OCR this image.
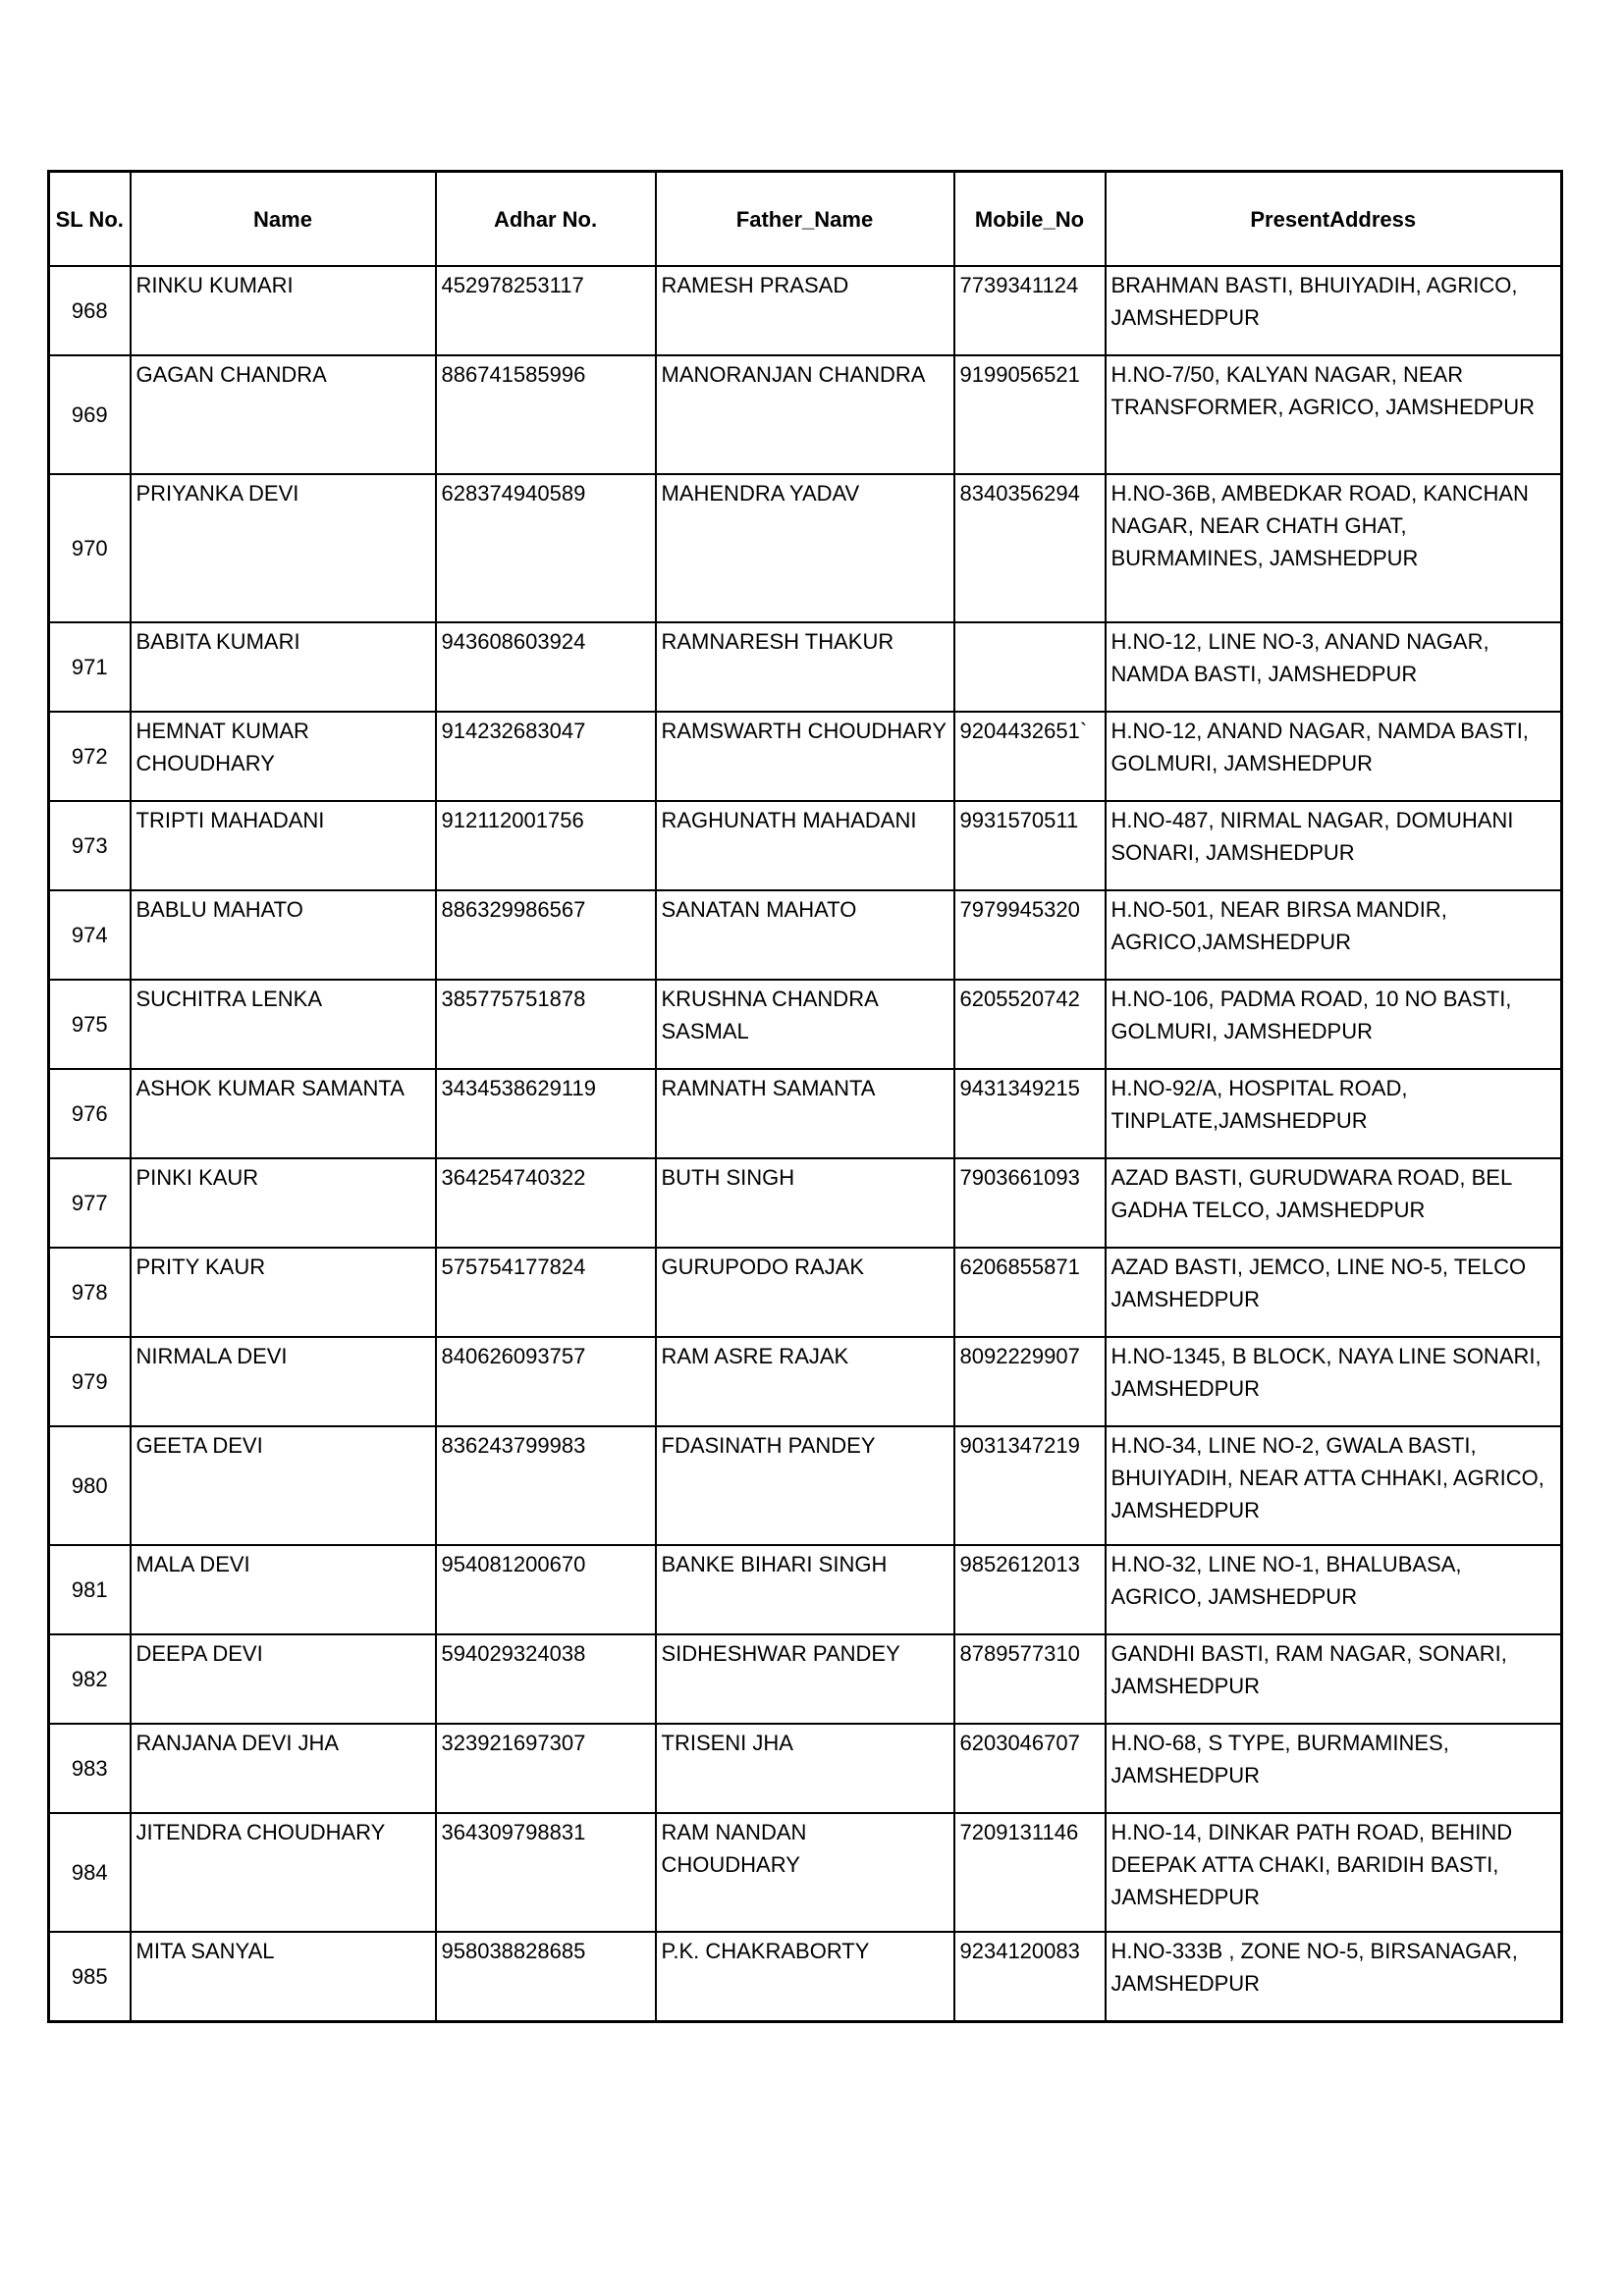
SL No.	Name	Adhar No.	Father_Name	Mobile_No	PresentAddress
968	RINKU KUMARI	452978253117	RAMESH PRASAD	7739341124	BRAHMAN BASTI, BHUIYADIH, AGRICO, JAMSHEDPUR
969	GAGAN CHANDRA	886741585996	MANORANJAN CHANDRA	9199056521	H.NO-7/50, KALYAN NAGAR, NEAR TRANSFORMER, AGRICO, JAMSHEDPUR
970	PRIYANKA DEVI	628374940589	MAHENDRA YADAV	8340356294	H.NO-36B, AMBEDKAR ROAD, KANCHAN NAGAR, NEAR CHATH GHAT, BURMAMINES, JAMSHEDPUR
971	BABITA KUMARI	943608603924	RAMNARESH THAKUR		H.NO-12, LINE NO-3, ANAND NAGAR, NAMDA BASTI, JAMSHEDPUR
972	HEMNAT KUMAR CHOUDHARY	914232683047	RAMSWARTH CHOUDHARY	9204432651`	H.NO-12, ANAND NAGAR, NAMDA BASTI, GOLMURI, JAMSHEDPUR
973	TRIPTI MAHADANI	912112001756	RAGHUNATH MAHADANI	9931570511	H.NO-487, NIRMAL NAGAR, DOMUHANI SONARI, JAMSHEDPUR
974	BABLU MAHATO	886329986567	SANATAN MAHATO	7979945320	H.NO-501, NEAR BIRSA MANDIR, AGRICO,JAMSHEDPUR
975	SUCHITRA LENKA	385775751878	KRUSHNA CHANDRA SASMAL	6205520742	H.NO-106, PADMA ROAD, 10 NO BASTI, GOLMURI, JAMSHEDPUR
976	ASHOK KUMAR SAMANTA	3434538629119	RAMNATH SAMANTA	9431349215	H.NO-92/A, HOSPITAL ROAD, TINPLATE,JAMSHEDPUR
977	PINKI KAUR	364254740322	BUTH SINGH	7903661093	AZAD BASTI, GURUDWARA ROAD, BEL GADHA TELCO, JAMSHEDPUR
978	PRITY KAUR	575754177824	GURUPODO RAJAK	6206855871	AZAD BASTI, JEMCO, LINE NO-5, TELCO JAMSHEDPUR
979	NIRMALA DEVI	840626093757	RAM ASRE RAJAK	8092229907	H.NO-1345, B BLOCK, NAYA LINE SONARI, JAMSHEDPUR
980	GEETA DEVI	836243799983	FDASINATH PANDEY	9031347219	H.NO-34, LINE NO-2, GWALA BASTI, BHUIYADIH, NEAR ATTA CHHAKI, AGRICO, JAMSHEDPUR
981	MALA DEVI	954081200670	BANKE BIHARI SINGH	9852612013	H.NO-32, LINE NO-1, BHALUBASA, AGRICO, JAMSHEDPUR
982	DEEPA DEVI	594029324038	SIDHESHWAR PANDEY	8789577310	GANDHI BASTI, RAM NAGAR, SONARI, JAMSHEDPUR
983	RANJANA DEVI JHA	323921697307	TRISENI JHA	6203046707	H.NO-68, S TYPE, BURMAMINES, JAMSHEDPUR
984	JITENDRA CHOUDHARY	364309798831	RAM NANDAN CHOUDHARY	7209131146	H.NO-14, DINKAR PATH ROAD, BEHIND DEEPAK ATTA CHAKI, BARIDIH BASTI, JAMSHEDPUR
985	MITA SANYAL	958038828685	P.K. CHAKRABORTY	9234120083	H.NO-333B , ZONE NO-5, BIRSANAGAR, JAMSHEDPUR
